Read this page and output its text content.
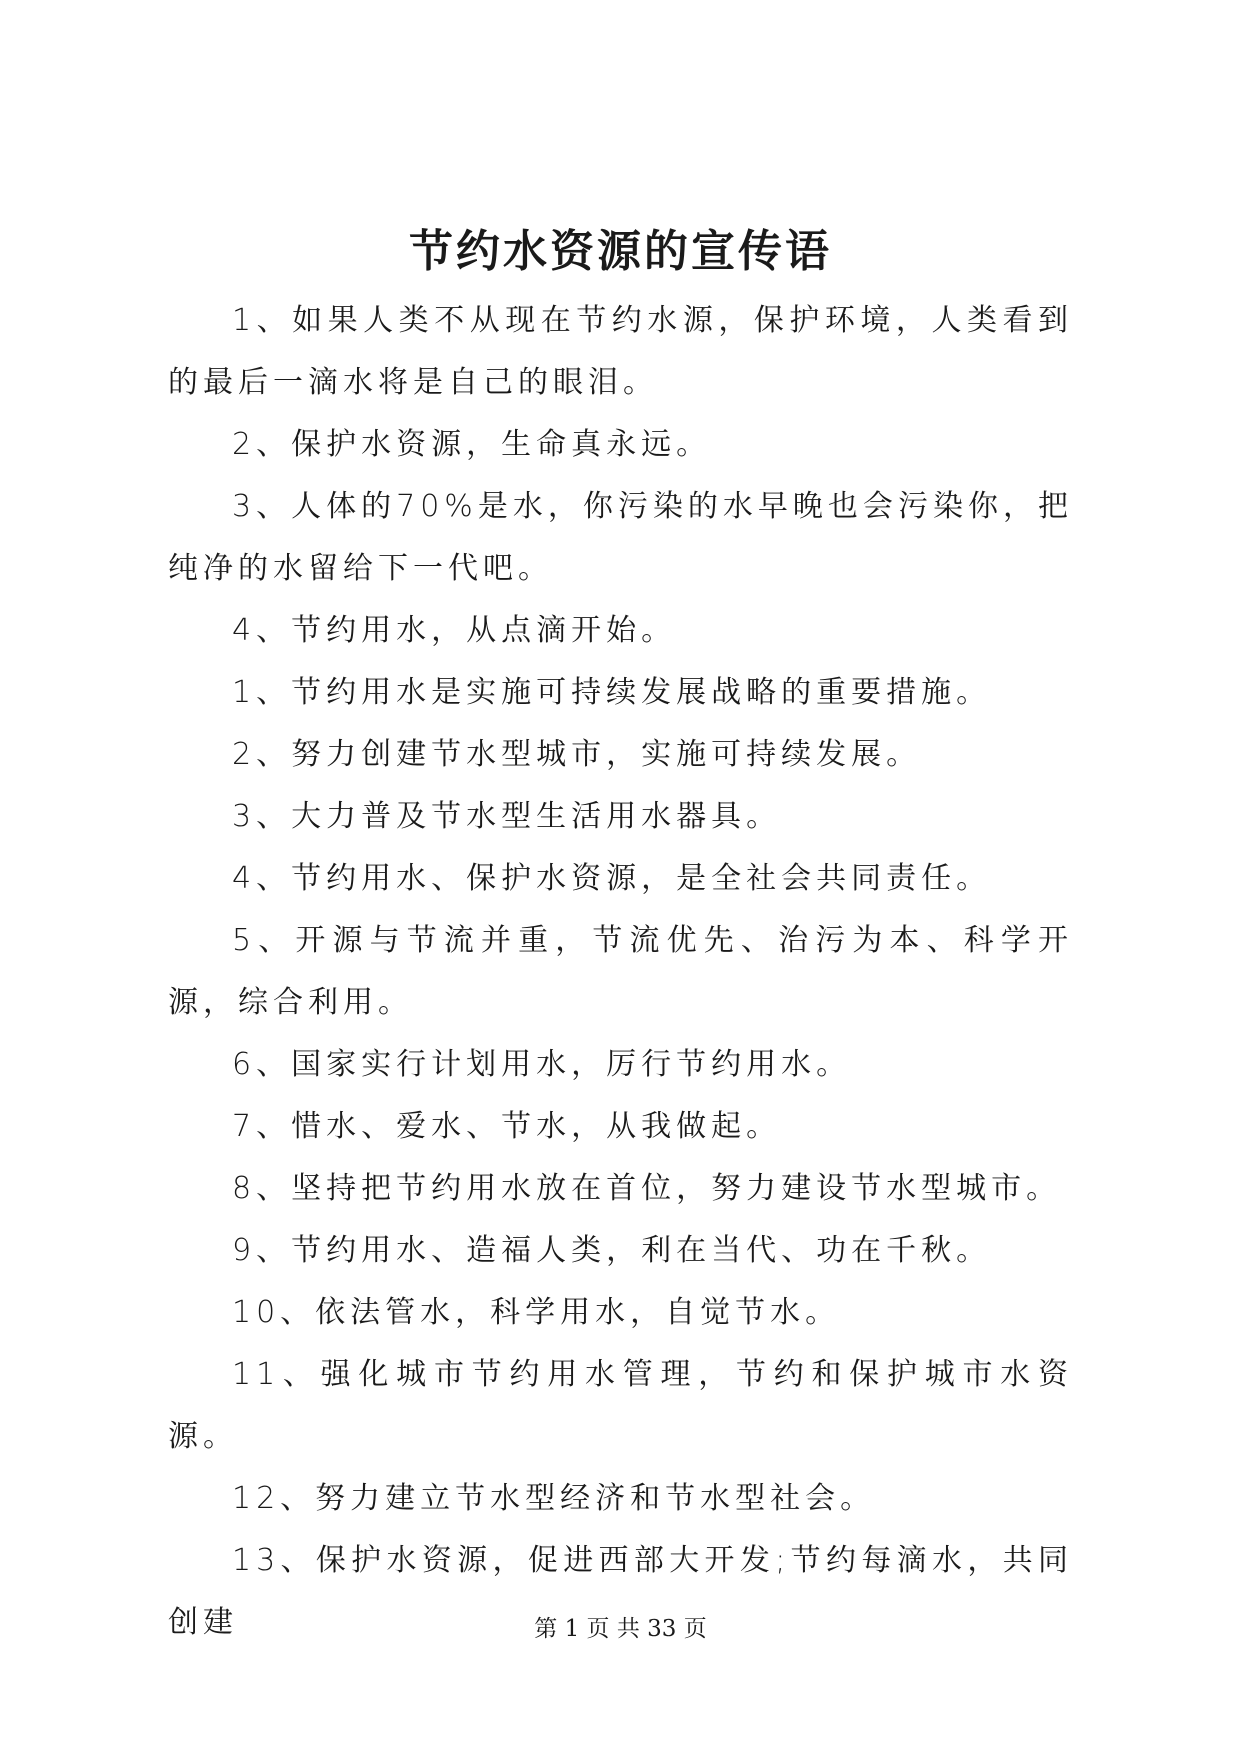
节约水资源的宣传语

1、如果人类不从现在节约水源，保护环境，人类看到的最后一滴水将是自己的眼泪。

2、保护水资源，生命真永远。

3、人体的70%是水，你污染的水早晚也会污染你，把纯净的水留给下一代吧。

4、节约用水，从点滴开始。

1、节约用水是实施可持续发展战略的重要措施。

2、努力创建节水型城市，实施可持续发展。

3、大力普及节水型生活用水器具。

4、节约用水、保护水资源，是全社会共同责任。

5、开源与节流并重，节流优先、治污为本、科学开源，综合利用。

6、国家实行计划用水，厉行节约用水。

7、惜水、爱水、节水，从我做起。

8、坚持把节约用水放在首位，努力建设节水型城市。

9、节约用水、造福人类，利在当代、功在千秋。

10、依法管水，科学用水，自觉节水。

11、强化城市节约用水管理，节约和保护城市水资源。

12、努力建立节水型经济和节水型社会。

13、保护水资源，促进西部大开发;节约每滴水，共同创建	第 1 页 共 33 页
